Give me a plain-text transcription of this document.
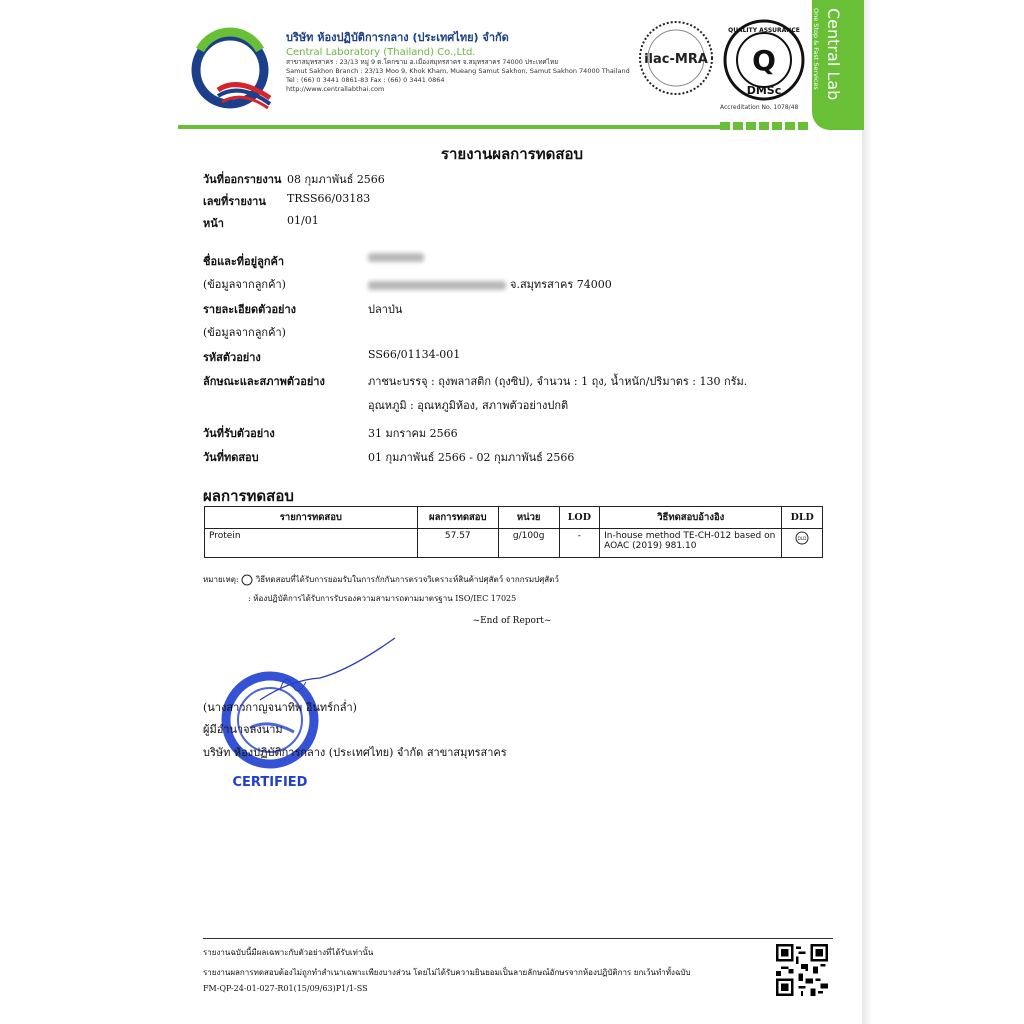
บริษัท ห้องปฏิบัติการกลาง (ประเทศไทย) จำกัด
Central Laboratory (Thailand) Co.,Ltd.
สาขาสมุทรสาคร : 23/13 หมู่ 9 ต.โคกขาม อ.เมืองสมุทรสาคร จ.สมุทรสาคร 74000 ประเทศไทย
Samut Sakhon Branch : 23/13 Moo 9, Khok Kham, Mueang Samut Sakhon, Samut Sakhon 74000 Thailand
Tel : (66) 0 3441 0861-83 Fax : (66) 0 3441 0864
http://www.centrallabthai.com
ilac-MRA
QUALITY ASSURANCE
Q
DMSc
Accreditation No. 1078/48
Central Lab
One Stop & Fast Services
รายงานผลการทดสอบ
วันที่ออกรายงาน 08 กุมภาพันธ์ 2566
เลขที่รายงาน TRSS66/03183
หน้า	01/01
ชื่อและที่อยู่ลูกค้า
(ข้อมูลจากลูกค้า)	จ.สมุทรสาคร 74000
รายละเอียดตัวอย่าง	ปลาป่น
(ข้อมูลจากลูกค้า)
รหัสตัวอย่าง	SS66/01134-001
ลักษณะและสภาพตัวอย่าง	ภาชนะบรรจุ : ถุงพลาสติก (ถุงซิป), จำนวน : 1 ถุง, น้ำหนัก/ปริมาตร : 130 กรัม.
อุณหภูมิ : อุณหภูมิห้อง, สภาพตัวอย่างปกติ
วันที่รับตัวอย่าง	31 มกราคม 2566
วันที่ทดสอบ	01 กุมภาพันธ์ 2566 - 02 กุมภาพันธ์ 2566
ผลการทดสอบ
รายการทดสอบ	ผลการทดสอบ	หน่วย	LOD	วิธีทดสอบอ้างอิง	DLD
Protein	57.57	g/100g	-	In-house method TE-CH-012 based on AOAC (2019) 981.10	DLD
หมายเหตุ: วิธีทดสอบที่ได้รับการยอมรับในการกักกันการตรวจวิเคราะห์สินค้าปศุสัตว์ จากกรมปศุสัตว์
: ห้องปฏิบัติการได้รับการรับรองความสามารถตามมาตรฐาน ISO/IEC 17025
~End of Report~
CERTIFIED
(นางสาวกาญจนาทิพ อินทร์กล่ำ)
ผู้มีอำนาจลงนาม
บริษัท ห้องปฏิบัติการกลาง (ประเทศไทย) จำกัด สาขาสมุทรสาคร
รายงานฉบับนี้มีผลเฉพาะกับตัวอย่างที่ได้รับเท่านั้น
รายงานผลการทดสอบต้องไม่ถูกทำสำเนาเฉพาะเพียงบางส่วน โดยไม่ได้รับความยินยอมเป็นลายลักษณ์อักษรจากห้องปฏิบัติการ ยกเว้นทำทั้งฉบับ
FM-QP-24-01-027-R01(15/09/63)P1/1-SS
